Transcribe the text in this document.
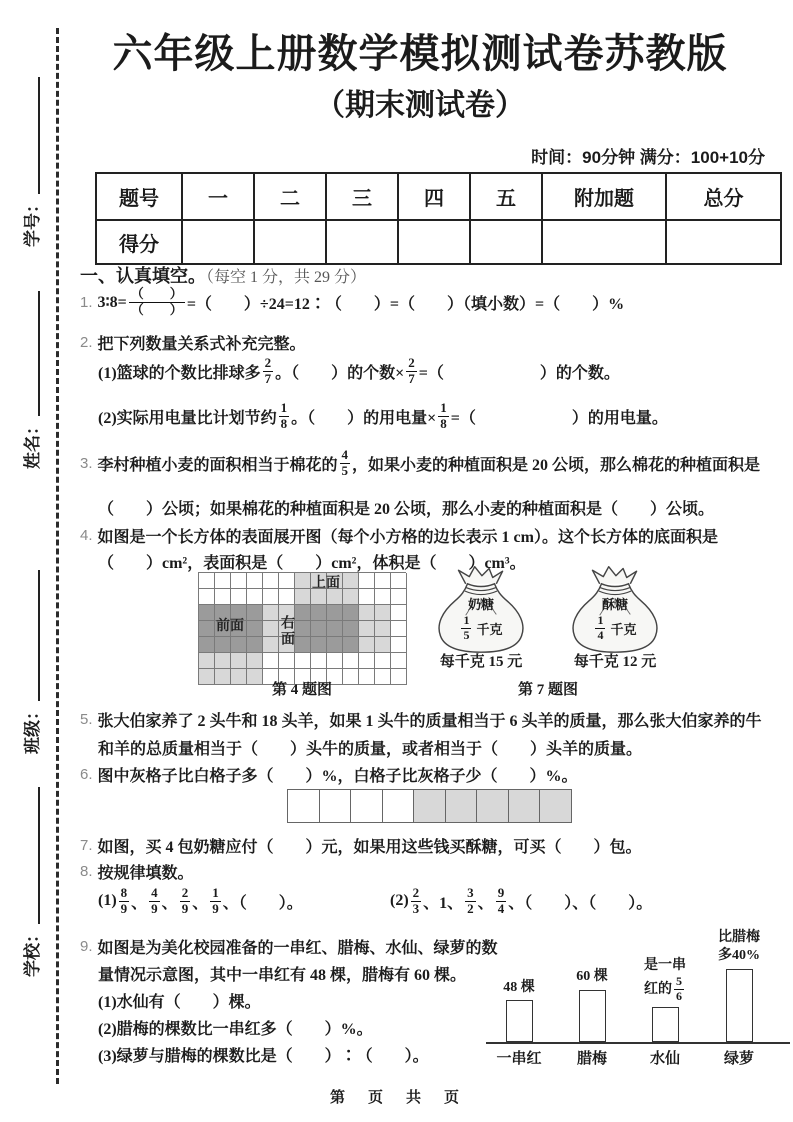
学号：
姓名：
班级：
学校：
六年级上册数学模拟测试卷苏教版
（期末测试卷）
时间：90分钟 满分：100+10分
题号	一	二	三	四	五	附加题	总分
得分							
一、认真填空。（每空 1 分，共 29 分）
1. 3∶8= $\frac{( )}{( )}$ =（　　）÷24=12∶（　　）=（　　）（填小数）=（　　）%
2. 把下列数量关系式补充完整。
(1)篮球的个数比排球多 $\frac{2}{7}$ 。（　　）的个数× $\frac{2}{7}$ =（　　　　　　）的个数。
(2)实际用电量比计划节约 $\frac{1}{8}$ 。（　　）的用电量× $\frac{1}{8}$ =（　　　　　　）的用电量。
3. 李村种植小麦的面积相当于棉花的 $\frac{4}{5}$ ，如果小麦的种植面积是 20 公顷，那么棉花的种植面积是
（　　）公顷；如果棉花的种植面积是 20 公顷，那么小麦的种植面积是（　　）公顷。
4. 如图是一个长方体的表面展开图（每个小方格的边长表示 1 cm）。这个长方体的底面积是
（　　）cm²，表面积是（　　）cm²，体积是（　　）cm³。
上面
前面	右面
第 4 题图
奶糖
$\frac{1}{5}$ 千克
每千克 15 元
酥糖
$\frac{1}{4}$ 千克
每千克 12 元
第 7 题图
5. 张大伯家养了 2 头牛和 18 头羊，如果 1 头牛的质量相当于 6 头羊的质量，那么张大伯家养的牛
和羊的总质量相当于（　　）头牛的质量，或者相当于（　　）头羊的质量。
6. 图中灰格子比白格子多（　　）%，白格子比灰格子少（　　）%。
7. 如图，买 4 包奶糖应付（　　）元，如果用这些钱买酥糖，可买（　　）包。
8. 按规律填数。
$(1) \frac{8}{9}$ 、 $\frac{4}{9}$ 、 $\frac{2}{9}$ 、 $\frac{1}{9}$ 、（　　）。	$(2) \frac{2}{3}$ 、1、 $\frac{3}{2}$ 、 $\frac{9}{4}$ 、（　　）、（　　）。
9. 如图是为美化校园准备的一串红、腊梅、水仙、绿萝的数
量情况示意图，其中一串红有 48 棵，腊梅有 60 棵。
(1)水仙有（　　）棵。
(2)腊梅的棵数比一串红多（　　）%。
(3)绿萝与腊梅的棵数比是（　　）∶（　　）。
48 棵
一串红
60 棵
腊梅
是一串
红的 $\frac{5}{6}$
水仙
比腊梅
多40%
绿萝
第　页　共　页
